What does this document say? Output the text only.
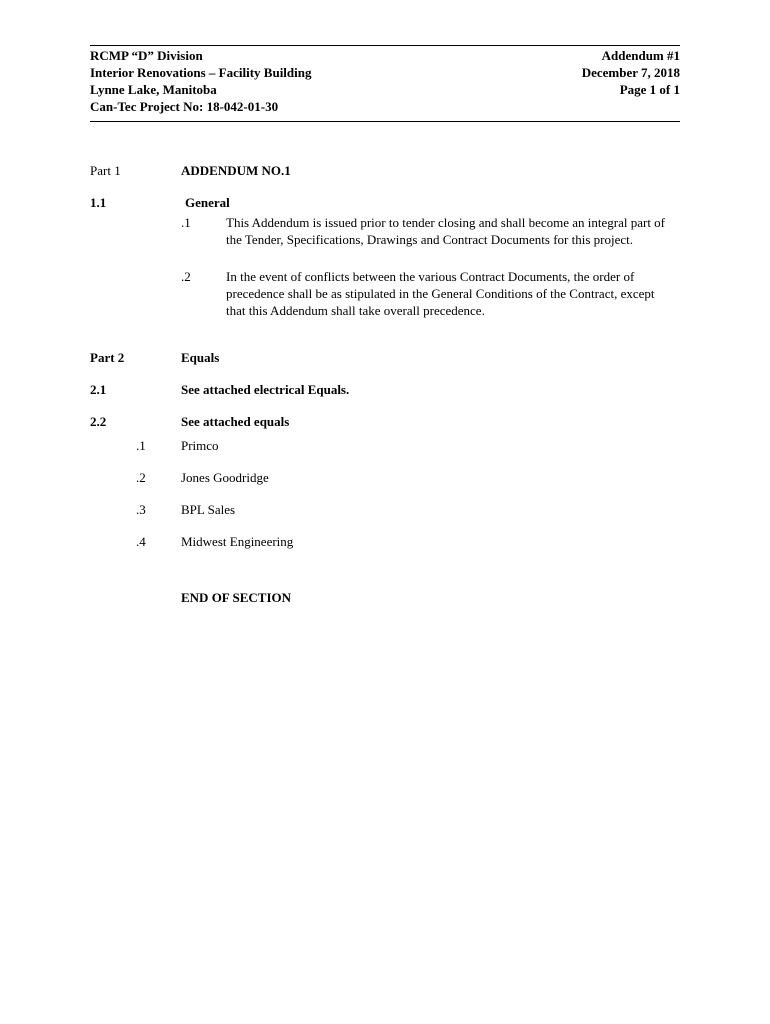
RCMP “D” Division
Interior Renovations – Facility Building
Lynne Lake, Manitoba
Can-Tec Project No: 18-042-01-30
Addendum #1
December 7, 2018
Page 1 of 1
Part 1	ADDENDUM NO.1
1.1	General
.1	This Addendum is issued prior to tender closing and shall become an integral part of the Tender, Specifications, Drawings and Contract Documents for this project.
.2	In the event of conflicts between the various Contract Documents, the order of precedence shall be as stipulated in the General Conditions of the Contract, except that this Addendum shall take overall precedence.
Part 2	Equals
2.1	See attached electrical Equals.
2.2	See attached equals
.1	Primco
.2	Jones Goodridge
.3	BPL Sales
.4	Midwest Engineering
END OF SECTION
